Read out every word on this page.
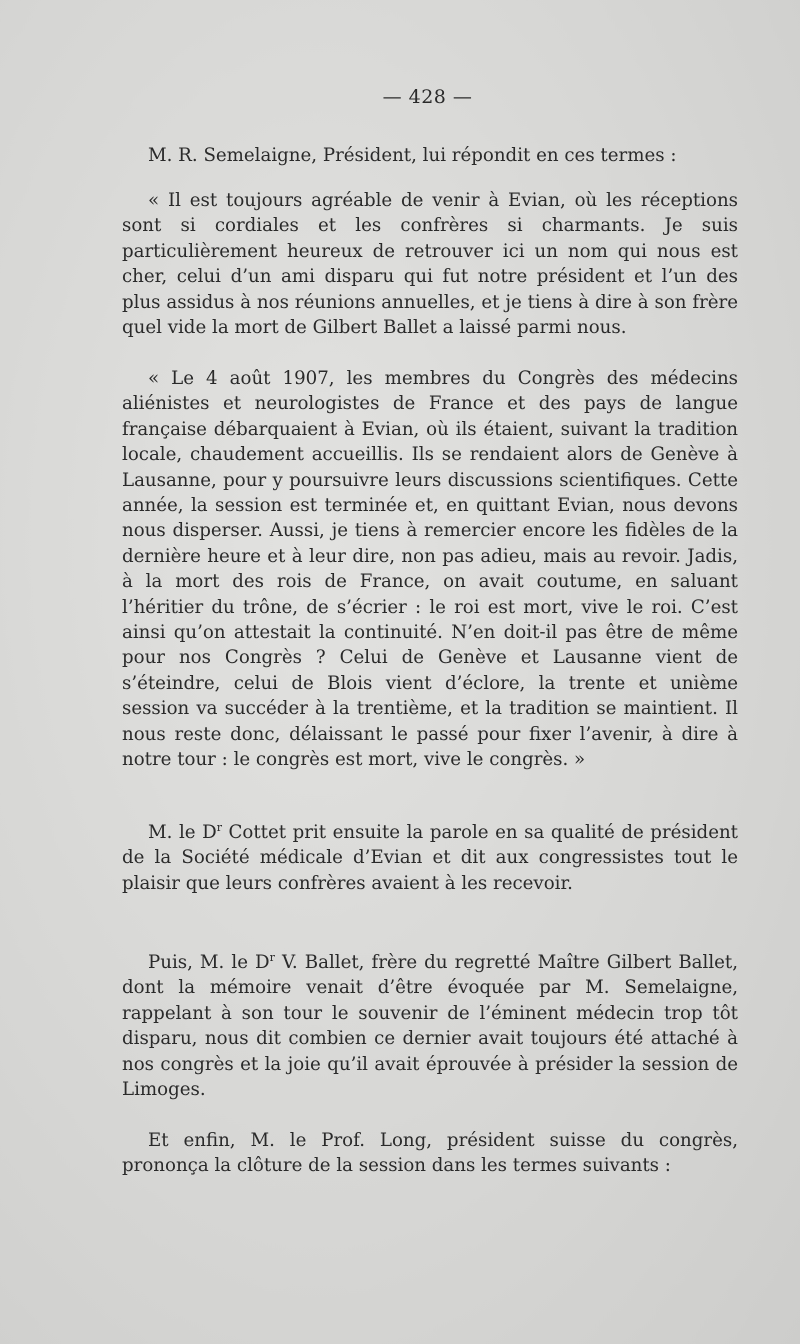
— 428 —

M. R. Semelaigne, Président, lui répondit en ces termes :

« Il est toujours agréable de venir à Evian, où les réceptions sont si cordiales et les confrères si charmants. Je suis particulièrement heureux de retrouver ici un nom qui nous est cher, celui d’un ami disparu qui fut notre président et l’un des plus assidus à nos réunions annuelles, et je tiens à dire à son frère quel vide la mort de Gilbert Ballet a laissé parmi nous.

« Le 4 août 1907, les membres du Congrès des médecins aliénistes et neurologistes de France et des pays de langue française débarquaient à Evian, où ils étaient, suivant la tradition locale, chaudement accueillis. Ils se rendaient alors de Genève à Lausanne, pour y poursuivre leurs discussions scientifiques. Cette année, la session est terminée et, en quittant Evian, nous devons nous disperser. Aussi, je tiens à remercier encore les fidèles de la dernière heure et à leur dire, non pas adieu, mais au revoir. Jadis, à la mort des rois de France, on avait coutume, en saluant l’héritier du trône, de s’écrier : le roi est mort, vive le roi. C’est ainsi qu’on attestait la continuité. N’en doit-il pas être de même pour nos Congrès ? Celui de Genève et Lausanne vient de s’éteindre, celui de Blois vient d’éclore, la trente et unième session va succéder à la trentième, et la tradition se maintient. Il nous reste donc, délaissant le passé pour fixer l’avenir, à dire à notre tour : le congrès est mort, vive le congrès. »

M. le $D^r$ Cottet prit ensuite la parole en sa qualité de président de la Société médicale d’Evian et dit aux congressistes tout le plaisir que leurs confrères avaient à les recevoir.

Puis, M. le $D^r$ V. Ballet, frère du regretté Maître Gilbert Ballet, dont la mémoire venait d’être évoquée par M. Semelaigne, rappelant à son tour le souvenir de l’éminent médecin trop tôt disparu, nous dit combien ce dernier avait toujours été attaché à nos congrès et la joie qu’il avait éprouvée à présider la session de Limoges.

Et enfin, M. le Prof. Long, président suisse du congrès, prononça la clôture de la session dans les termes suivants :
